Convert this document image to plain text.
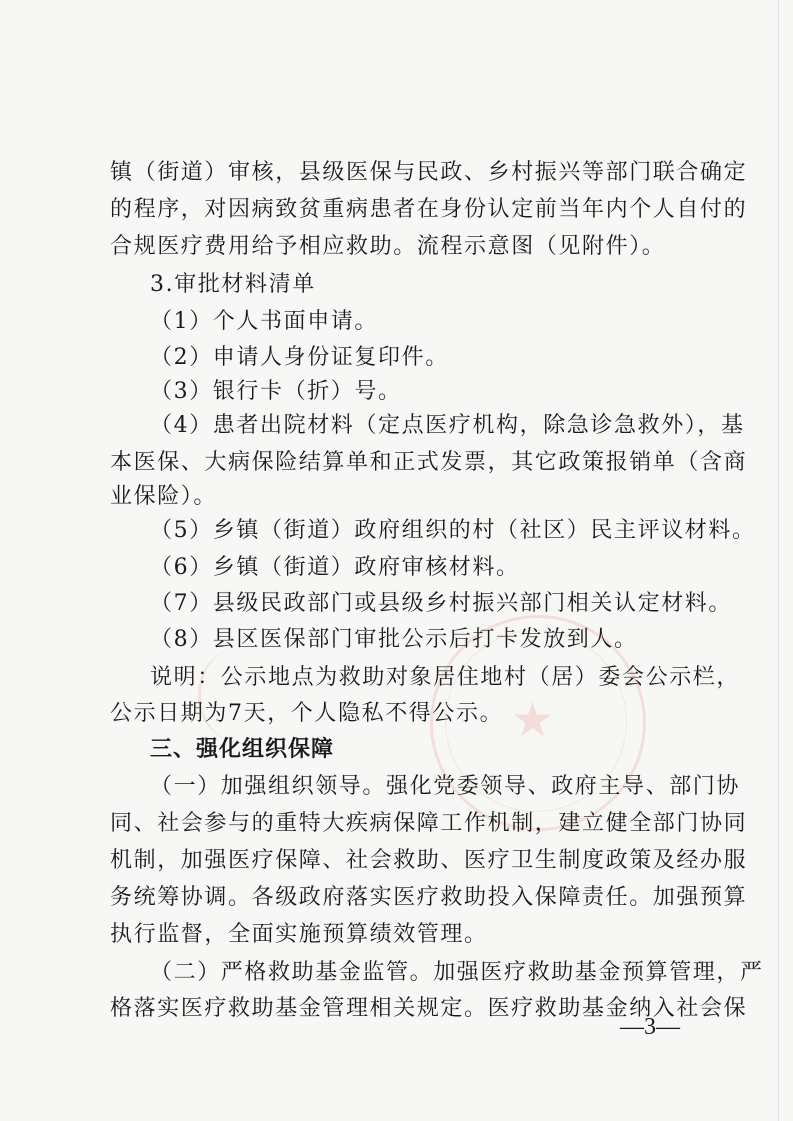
★
镇（街道）审核，县级医保与民政、乡村振兴等部门联合确定
的程序，对因病致贫重病患者在身份认定前当年内个人自付的
合规医疗费用给予相应救助。流程示意图（见附件）。
3.审批材料清单
（1）个人书面申请。
（2）申请人身份证复印件。
（3）银行卡（折）号。
（4）患者出院材料（定点医疗机构，除急诊急救外），基
本医保、大病保险结算单和正式发票，其它政策报销单（含商
业保险）。
（5）乡镇（街道）政府组织的村（社区）民主评议材料。
（6）乡镇（街道）政府审核材料。
（7）县级民政部门或县级乡村振兴部门相关认定材料。
（8）县区医保部门审批公示后打卡发放到人。
说明：公示地点为救助对象居住地村（居）委会公示栏，
公示日期为7天，个人隐私不得公示。
三、强化组织保障
（一）加强组织领导。强化党委领导、政府主导、部门协
同、社会参与的重特大疾病保障工作机制，建立健全部门协同
机制，加强医疗保障、社会救助、医疗卫生制度政策及经办服
务统筹协调。各级政府落实医疗救助投入保障责任。加强预算
执行监督，全面实施预算绩效管理。
（二）严格救助基金监管。加强医疗救助基金预算管理，严
格落实医疗救助基金管理相关规定。医疗救助基金纳入社会保
—3—
